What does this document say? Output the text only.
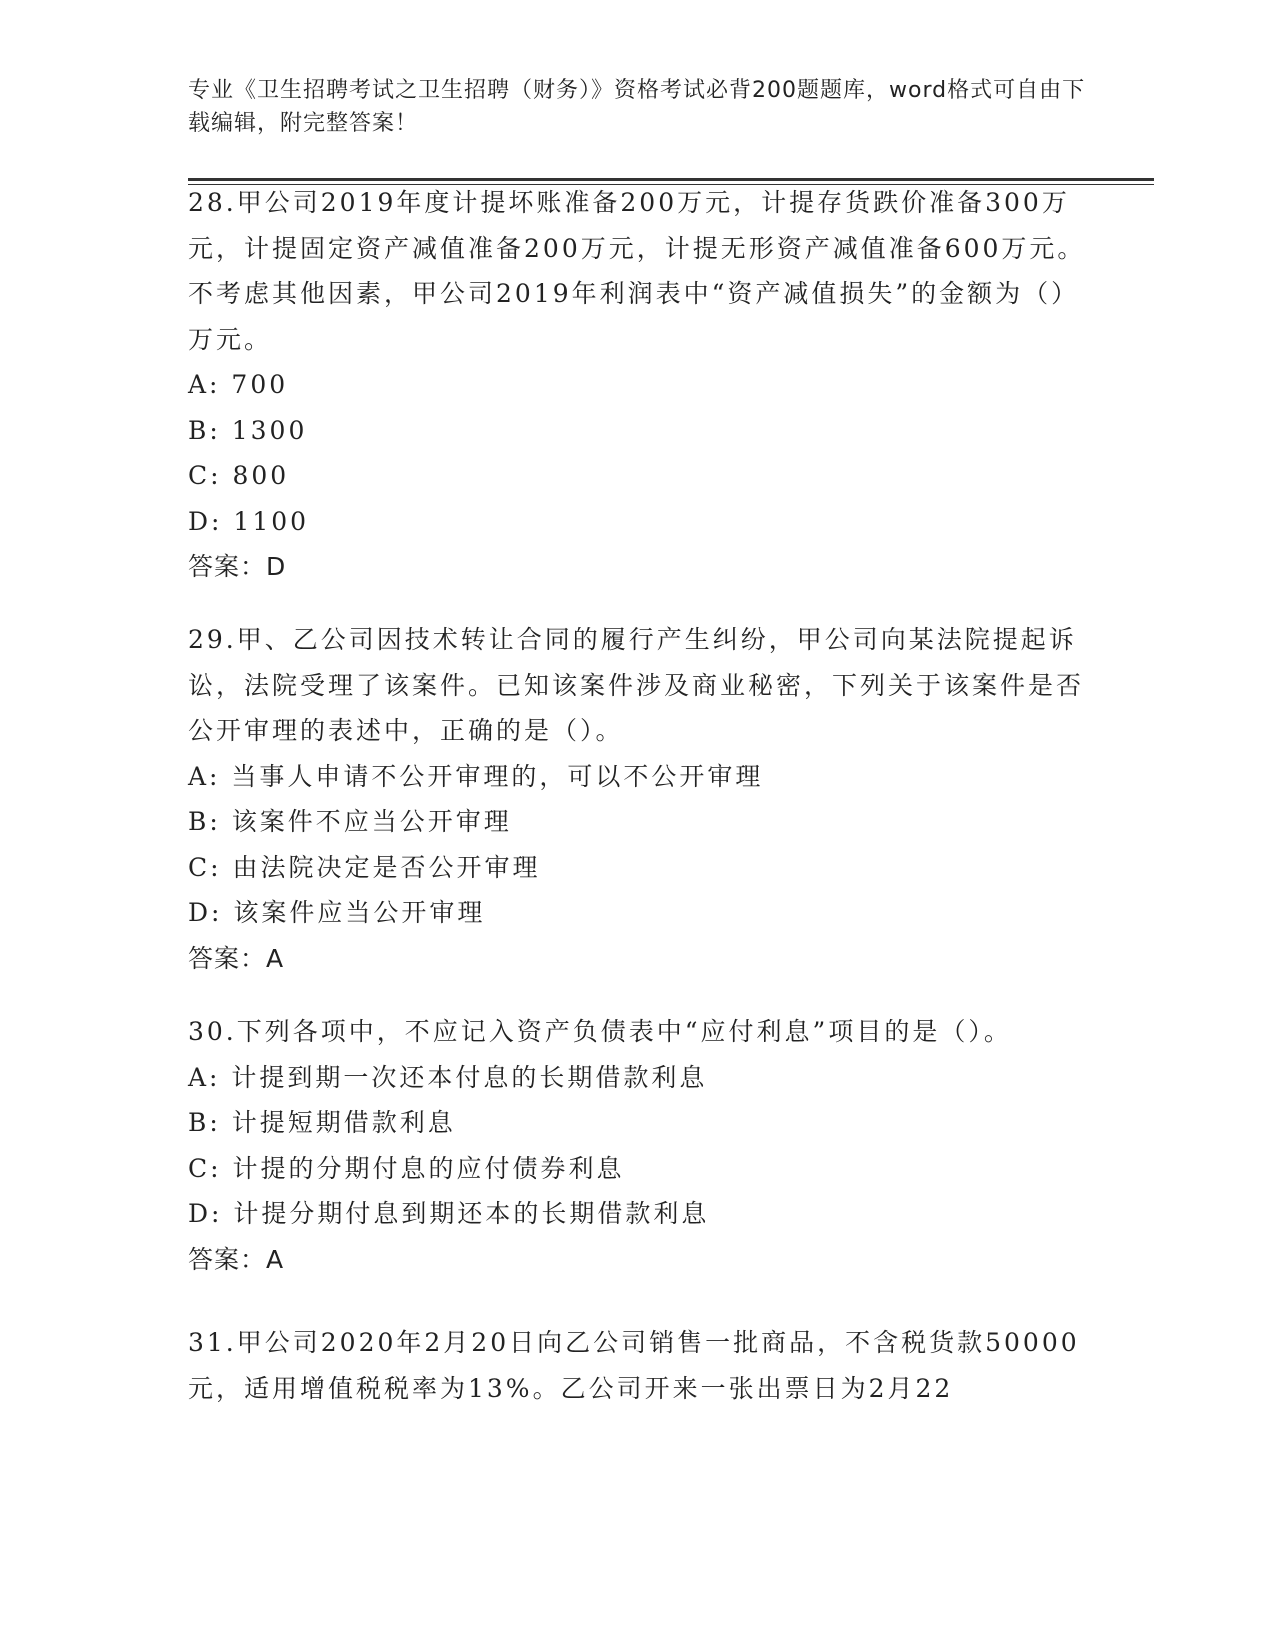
专业《卫生招聘考试之卫生招聘（财务）》资格考试必背200题题库，word格式可自由下载编辑，附完整答案！

28.甲公司2019年度计提坏账准备200万元，计提存货跌价准备300万元，计提固定资产减值准备200万元，计提无形资产减值准备600万元。不考虑其他因素，甲公司2019年利润表中“资产减值损失”的金额为（）万元。

A: 700

B: 1300

C: 800

D: 1100

答案：D

29.甲、乙公司因技术转让合同的履行产生纠纷，甲公司向某法院提起诉讼，法院受理了该案件。已知该案件涉及商业秘密，下列关于该案件是否公开审理的表述中，正确的是（）。

A: 当事人申请不公开审理的，可以不公开审理

B: 该案件不应当公开审理

C: 由法院决定是否公开审理

D: 该案件应当公开审理

答案：A

30.下列各项中，不应记入资产负债表中“应付利息”项目的是（）。

A: 计提到期一次还本付息的长期借款利息

B: 计提短期借款利息

C: 计提的分期付息的应付债券利息

D: 计提分期付息到期还本的长期借款利息

答案：A

31.甲公司2020年2月20日向乙公司销售一批商品，不含税货款50000元，适用增值税税率为13%。乙公司开来一张出票日为2月22
